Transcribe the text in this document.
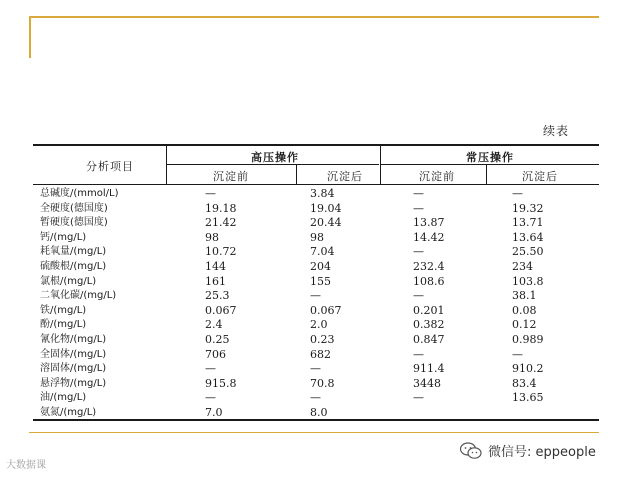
续表
分析项目
高压操作	常压操作
沉淀前	沉淀后	沉淀前	沉淀后
总碱度/(mmol/L)	—	3.84	—	—
全硬度(德国度)	19.18	19.04	—	19.32
暂硬度(德国度)	21.42	20.44	13.87	13.71
钙/(mg/L)	98	98	14.42	13.64
耗氧量/(mg/L)	10.72	7.04	—	25.50
硫酸根/(mg/L)	144	204	232.4	234
氯根/(mg/L)	161	155	108.6	103.8
二氧化碳/(mg/L)	25.3	—	—	38.1
铁/(mg/L)	0.067	0.067	0.201	0.08
酚/(mg/L)	2.4	2.0	0.382	0.12
氰化物/(mg/L)	0.25	0.23	0.847	0.989
全固体/(mg/L)	706	682	—	—
溶固体/(mg/L)	—	—	911.4	910.2
悬浮物/(mg/L)	915.8	70.8	3448	83.4
油/(mg/L)	—	—	—	13.65
氨氮/(mg/L)	7.0	8.0
大数据课
微信号: eppeople
